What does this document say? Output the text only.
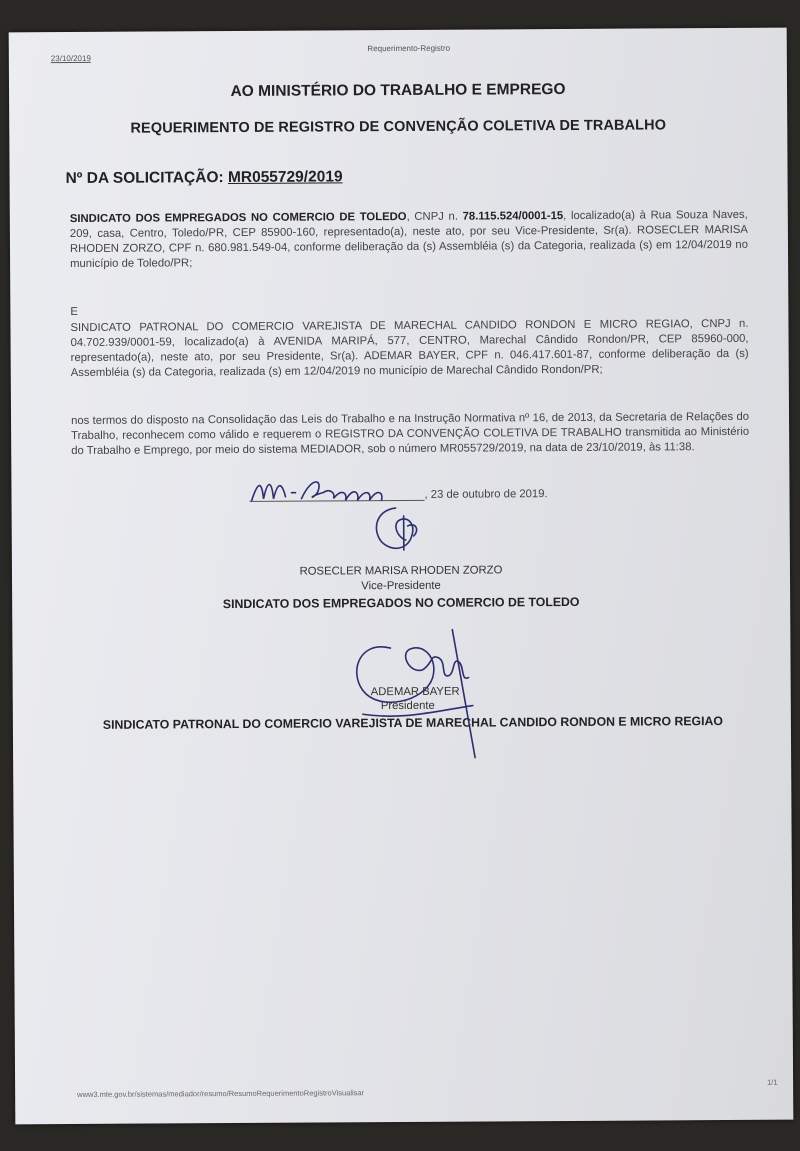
23/10/2019
Requerimento-Registro
AO MINISTÉRIO DO TRABALHO E EMPREGO
REQUERIMENTO DE REGISTRO DE CONVENÇÃO COLETIVA DE TRABALHO
Nº DA SOLICITAÇÃO: MR055729/2019
SINDICATO DOS EMPREGADOS NO COMERCIO DE TOLEDO, CNPJ n. 78.115.524/0001-15, localizado(a) à Rua Souza Naves, 209, casa, Centro, Toledo/PR, CEP 85900-160, representado(a), neste ato, por seu Vice-Presidente, Sr(a). ROSECLER MARISA RHODEN ZORZO, CPF n. 680.981.549-04, conforme deliberação da (s) Assembléia (s) da Categoria, realizada (s) em 12/04/2019 no município de Toledo/PR;
E
SINDICATO PATRONAL DO COMERCIO VAREJISTA DE MARECHAL CANDIDO RONDON E MICRO REGIAO, CNPJ n. 04.702.939/0001-59, localizado(a) à AVENIDA MARIPÁ, 577, CENTRO, Marechal Cândido Rondon/PR, CEP 85960-000, representado(a), neste ato, por seu Presidente, Sr(a). ADEMAR BAYER, CPF n. 046.417.601-87, conforme deliberação da (s) Assembléia (s) da Categoria, realizada (s) em 12/04/2019 no município de Marechal Cândido Rondon/PR;
nos termos do disposto na Consolidação das Leis do Trabalho e na Instrução Normativa nº 16, de 2013, da Secretaria de Relações do Trabalho, reconhecem como válido e requerem o REGISTRO DA CONVENÇÃO COLETIVA DE TRABALHO transmitida ao Ministério do Trabalho e Emprego, por meio do sistema MEDIADOR, sob o número MR055729/2019, na data de 23/10/2019, às 11:38.
, 23 de outubro de 2019.
ROSECLER MARISA RHODEN ZORZO
Vice-Presidente
SINDICATO DOS EMPREGADOS NO COMERCIO DE TOLEDO
ADEMAR BAYER
Presidente
SINDICATO PATRONAL DO COMERCIO VAREJISTA DE MARECHAL CANDIDO RONDON E MICRO REGIAO
www3.mte.gov.br/sistemas/mediador/resumo/ResumoRequerimentoRegistroVisualisar
1/1
